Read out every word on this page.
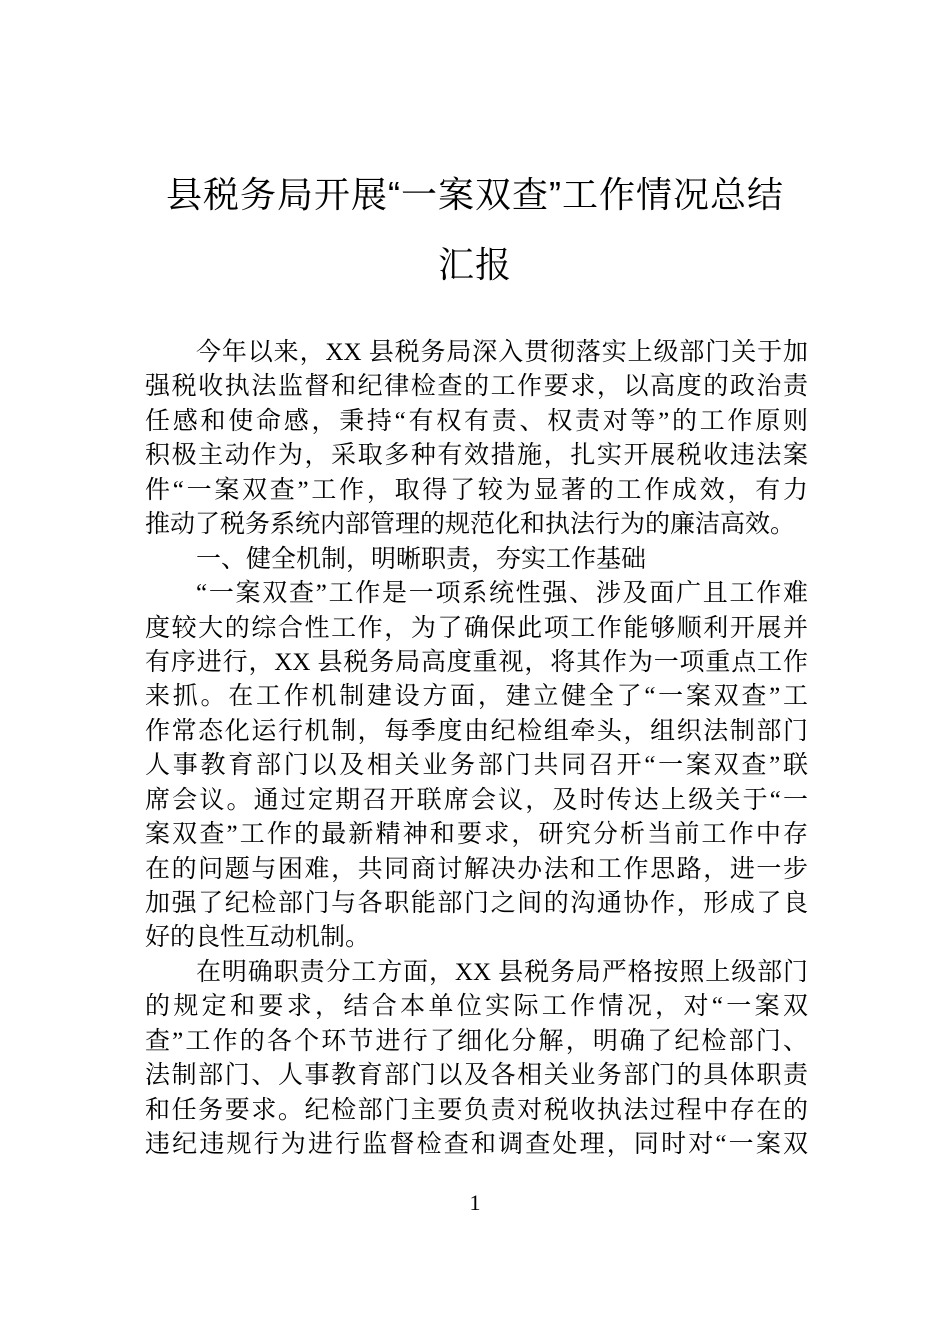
县税务局开展“一案双查”工作情况总结
汇报
今年以来，XX 县税务局深入贯彻落实上级部门关于加
强税收执法监督和纪律检查的工作要求，以高度的政治责
任感和使命感，秉持“有权有责、权责对等”的工作原则
积极主动作为，采取多种有效措施，扎实开展税收违法案
件“一案双查”工作，取得了较为显著的工作成效，有力
推动了税务系统内部管理的规范化和执法行为的廉洁高效。
一、健全机制，明晰职责，夯实工作基础
“一案双查”工作是一项系统性强、涉及面广且工作难
度较大的综合性工作，为了确保此项工作能够顺利开展并
有序进行，XX 县税务局高度重视，将其作为一项重点工作
来抓。在工作机制建设方面，建立健全了“一案双查”工
作常态化运行机制，每季度由纪检组牵头，组织法制部门
人事教育部门以及相关业务部门共同召开“一案双查”联
席会议。通过定期召开联席会议，及时传达上级关于“一
案双查”工作的最新精神和要求，研究分析当前工作中存
在的问题与困难，共同商讨解决办法和工作思路，进一步
加强了纪检部门与各职能部门之间的沟通协作，形成了良
好的良性互动机制。
在明确职责分工方面，XX 县税务局严格按照上级部门
的规定和要求，结合本单位实际工作情况，对“一案双
查”工作的各个环节进行了细化分解，明确了纪检部门、
法制部门、人事教育部门以及各相关业务部门的具体职责
和任务要求。纪检部门主要负责对税收执法过程中存在的
违纪违规行为进行监督检查和调查处理，同时对“一案双
1
